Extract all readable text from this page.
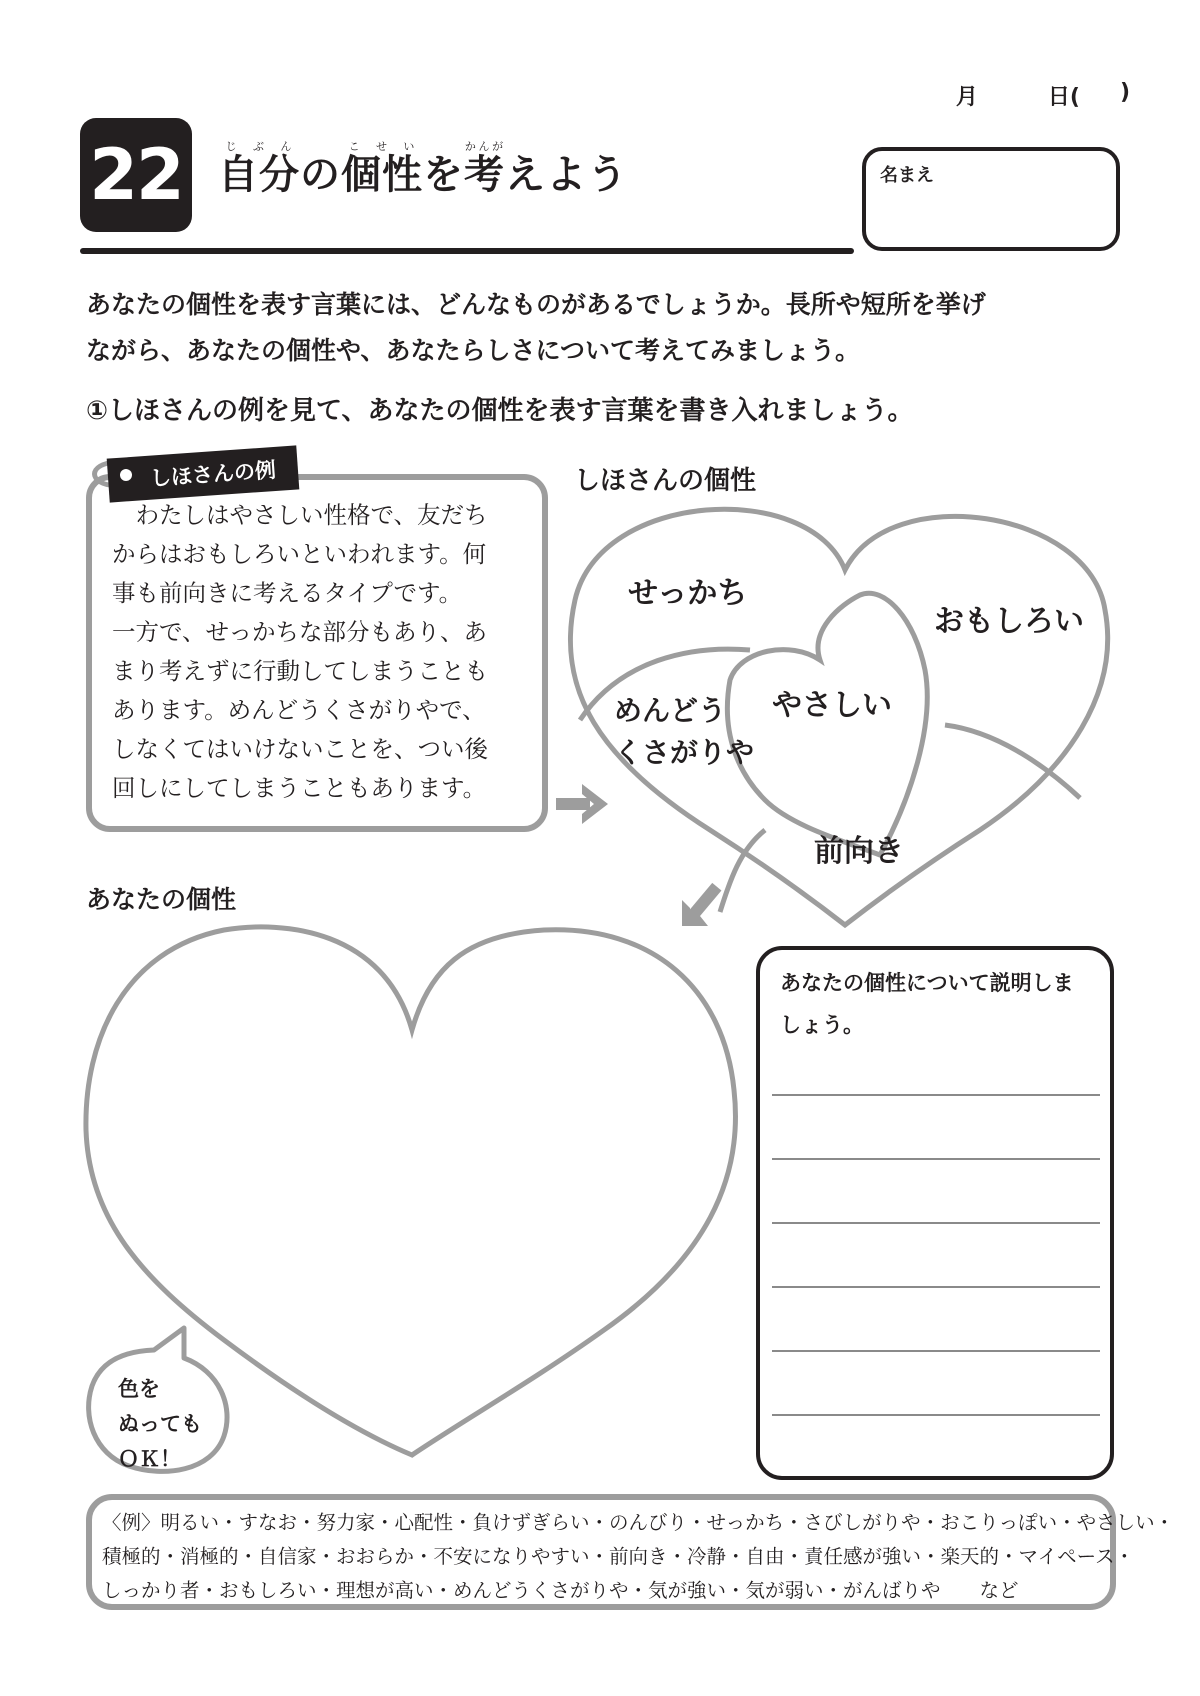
月	日( )
22 自分じぶんの個性こせいを考かんがえよう	名まえ
あなたの個性を表す言葉には、どんなものがあるでしょうか。長所や短所を挙げ
ながら、あなたの個性や、あなたらしさについて考えてみましょう。
①しほさんの例を見て、あなたの個性を表す言葉を書き入れましょう。
しほさんの例
　わたしはやさしい性格で、友だち
からはおもしろいといわれます。何
事も前向きに考えるタイプです。
一方で、せっかちな部分もあり、あ
まり考えずに行動してしまうことも
あります。めんどうくさがりやで、
しなくてはいけないことを、つい後
回しにしてしまうこともあります。
しほさんの個性
せっかち
おもしろい
やさしい
めんどう
くさがりや
前向き
あなたの個性
色を
ぬっても
ＯＫ！
あなたの個性について説明しま
しょう。
〈例〉明るい・すなお・努力家・心配性・負けずぎらい・のんびり・せっかち・さびしがりや・おこりっぽい・やさしい・
積極的・消極的・自信家・おおらか・不安になりやすい・前向き・冷静・自由・責任感が強い・楽天的・マイペース・
しっかり者・おもしろい・理想が高い・めんどうくさがりや・気が強い・気が弱い・がんばりや　　など
